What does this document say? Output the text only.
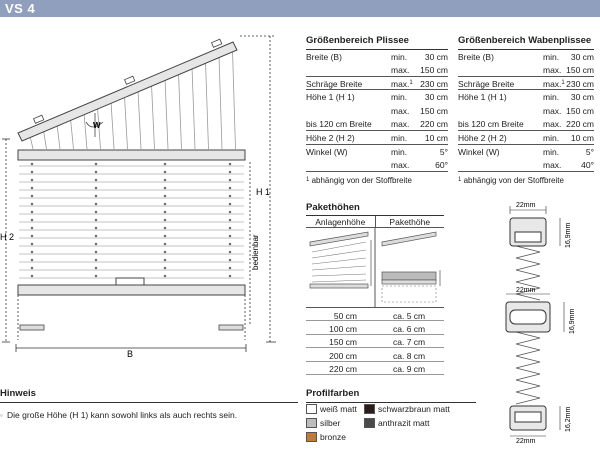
VS 4
W
H 1
H 2
B
bedienbar
Größenbereich Plissee
Breite (B)	min. 30 cm
max. 150 cm
Schräge Breite	max.$^1$ 230 cm
Höhe 1 (H 1)	min. 30 cm
max. 150 cm
bis 120 cm Breite max. 220 cm
Höhe 2 (H 2)	min. 10 cm
Winkel (W)	min.	5°
max.	60°
$^1$ abhängig von der Stoffbreite
Größenbereich Wabenplissee
Breite (B)	min. 30 cm
max. 150 cm
Schräge Breite	max.$^1$ 230 cm
Höhe 1 (H 1)	min. 30 cm
max. 150 cm
bis 120 cm Breite max. 220 cm
Höhe 2 (H 2)	min. 10 cm
Winkel (W)	min.	5°
max. 40°
$^1$ abhängig von der Stoffbreite
Pakethöhen
Anlagenhöhe	Pakethöhe
50 cm	ca. 5 cm
100 cm	ca. 6 cm
150 cm	ca. 7 cm
200 cm	ca. 8 cm
220 cm	ca. 9 cm
22mm
22mm
22mm
16,9mm
16,9mm
16,2mm
Hinweis

◦ Die große Höhe (H 1) kann sowohl links als auch rechts sein.

Profilfarben
weiß matt schwarzbraun matt
silber	anthrazit matt
bronze
